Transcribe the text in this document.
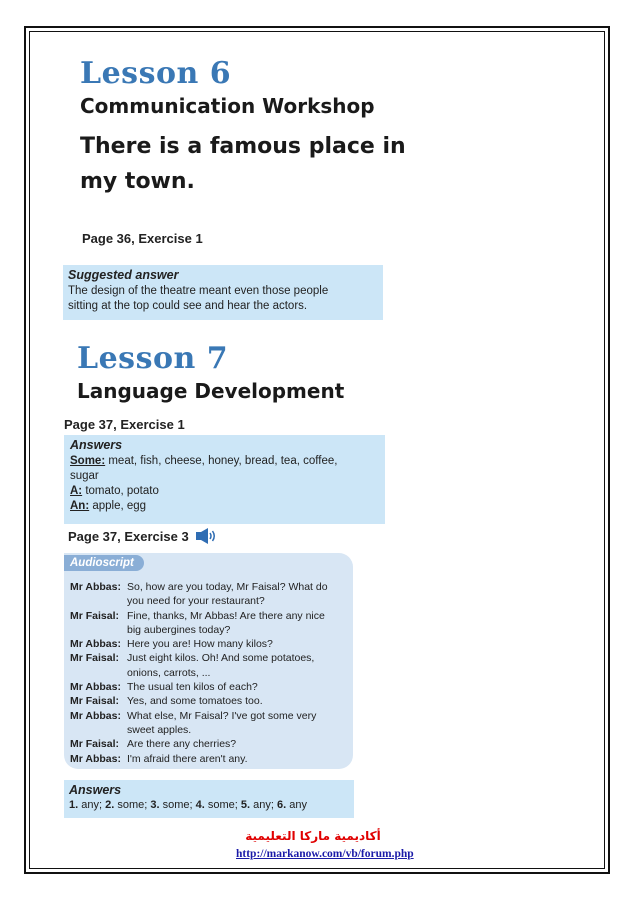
Lesson 6
Communication Workshop
There is a famous place in
my town.
Page 36, Exercise 1
Suggested answer
The design of the theatre meant even those people
sitting at the top could see and hear the actors.
Lesson 7
Language Development
Page 37, Exercise 1
Answers
Some: meat, fish, cheese, honey, bread, tea, coffee,
sugar
A: tomato, potato
An: apple, egg
Page 37, Exercise 3
Audioscript
Mr Abbas: So, how are you today, Mr Faisal? What do
you need for your restaurant?
Mr Faisal: Fine, thanks, Mr Abbas! Are there any nice
big aubergines today?
Mr Abbas: Here you are! How many kilos?
Mr Faisal: Just eight kilos. Oh! And some potatoes,
onions, carrots, ...
Mr Abbas: The usual ten kilos of each?
Mr Faisal: Yes, and some tomatoes too.
Mr Abbas: What else, Mr Faisal? I've got some very
sweet apples.
Mr Faisal: Are there any cherries?
Mr Abbas: I'm afraid there aren't any.
Answers
1. any; 2. some; 3. some; 4. some; 5. any; 6. any
أكاديمية ماركا التعليمية
http://markanow.com/vb/forum.php
